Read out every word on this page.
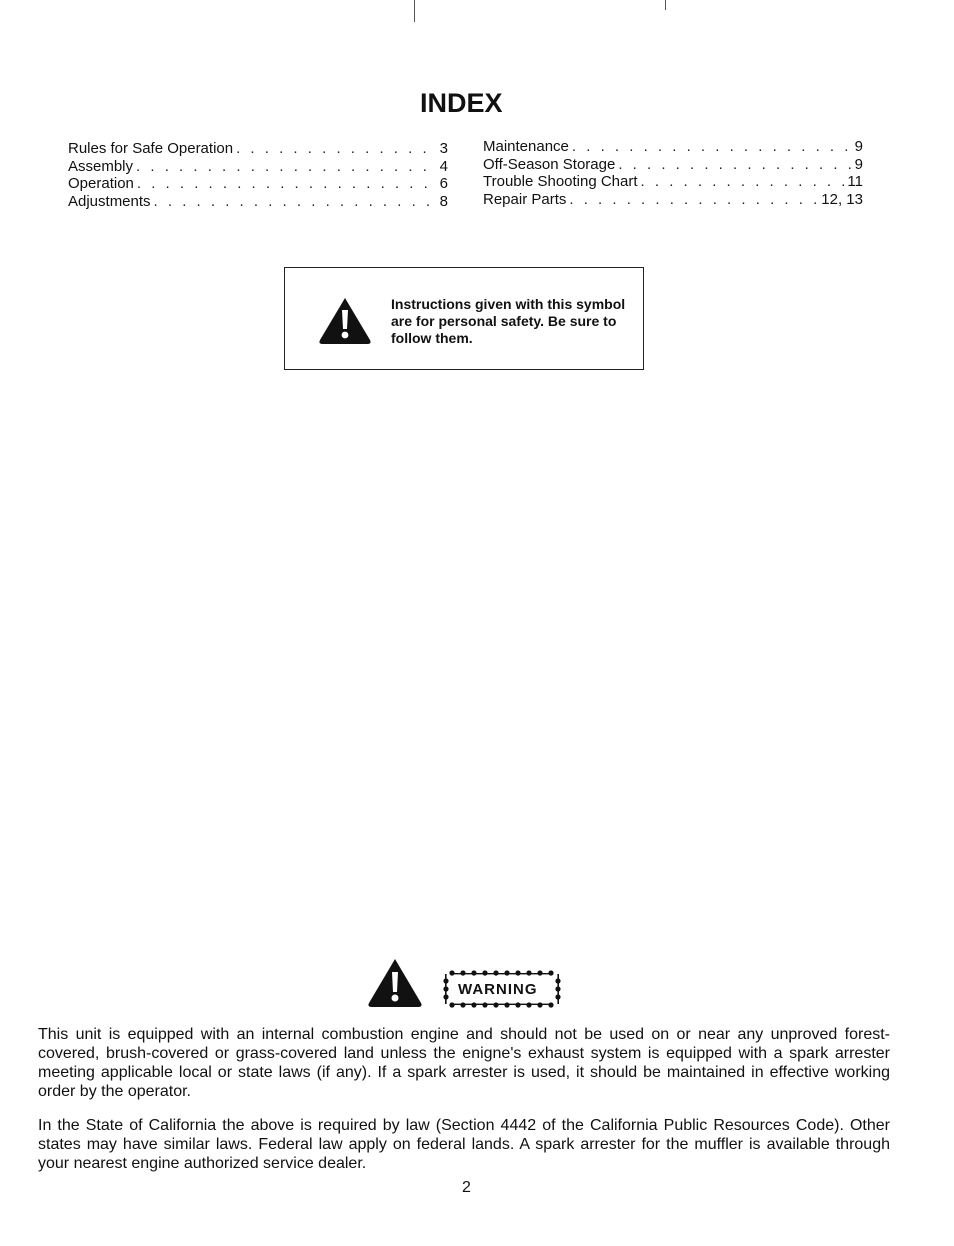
INDEX
Rules for Safe Operation . . .	3
Assembly . . .	4
Operation . . .	6
Adjustments . . .	8
Maintenance . . .	9
Off-Season Storage . . .	9
Trouble Shooting Chart . . .	11
Repair Parts . . .	12, 13
Instructions given with this symbol are for personal safety. Be sure to follow them.
WARNING

This unit is equipped with an internal combustion engine and should not be used on or near any unproved forest-covered, brush-covered or grass-covered land unless the enigne's exhaust system is equipped with a spark arrester meeting applicable local or state laws (if any). If a spark arrester is used, it should be maintained in effective working order by the operator.

In the State of California the above is required by law (Section 4442 of the California Public Resources Code). Other states may have similar laws. Federal law apply on federal lands. A spark arrester for the muffler is available through your nearest engine authorized service dealer.

2
